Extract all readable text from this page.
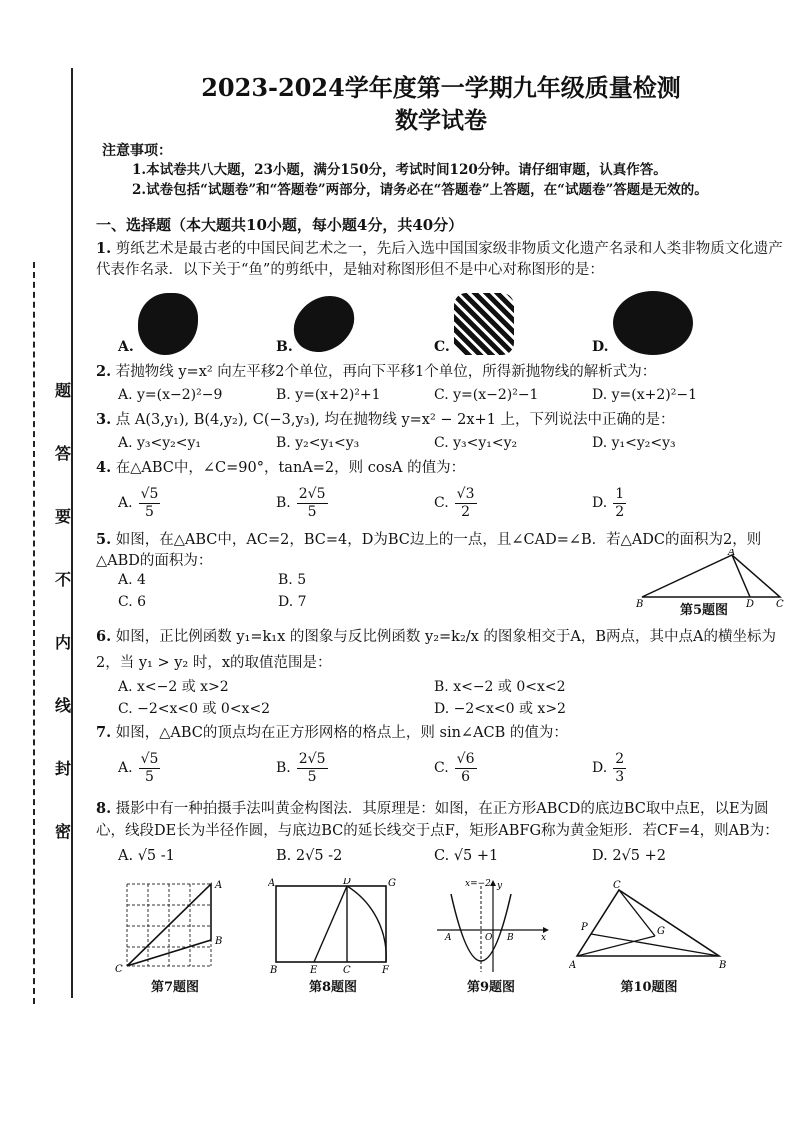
题
答
要
不
内
线
封
密
2023-2024学年度第一学期九年级质量检测
数学试卷
注意事项：
1.本试卷共八大题，23小题，满分150分，考试时间120分钟。请仔细审题，认真作答。
2.试卷包括“试题卷”和“答题卷”两部分，请务必在“答题卷”上答题，在“试题卷”答题是无效的。
一、选择题（本大题共10小题，每小题4分，共40分）
1. 剪纸艺术是最古老的中国民间艺术之一，先后入选中国国家级非物质文化遗产名录和人类非物质文化遗产代表作名录．以下关于“鱼”的剪纸中，是轴对称图形但不是中心对称图形的是：
A.	B.	C.	D.
2. 若抛物线 y=x² 向左平移2个单位，再向下平移1个单位，所得新抛物线的解析式为：
A. y=(x−2)²−9	B. y=(x+2)²+1	C. y=(x−2)²−1	D. y=(x+2)²−1
3. 点 A(3,y₁), B(4,y₂), C(−3,y₃), 均在抛物线 y=x² − 2x+1 上，下列说法中正确的是：
A. y₃<y₂<y₁	B. y₂<y₁<y₃	C. y₃<y₁<y₂	D. y₁<y₂<y₃
4. 在△ABC中，∠C=90°，tanA=2，则 cosA 的值为：
A. $\frac{√5}{5}$	B. $\frac{2√5}{5}$	C. $\frac{√3}{2}$	D. $\frac{1}{2}$
5. 如图，在△ABC中，AC=2，BC=4，D为BC边上的一点，且∠CAD=∠B．若△ADC的面积为2，则△ABD的面积为：
A. 4	B. 5
C. 6	D. 7
A
B	D C
第5题图
6. 如图，正比例函数 y₁=k₁x 的图象与反比例函数 y₂=k₂/x 的图象相交于A，B两点，其中点A的横坐标为2，当 y₁ > y₂ 时，x的取值范围是：
A. x<−2 或 x>2	B. x<−2 或 0<x<2
C. −2<x<0 或 0<x<2	D. −2<x<0 或 x>2
7. 如图，△ABC的顶点均在正方形网格的格点上，则 sin∠ACB 的值为：
A. $\frac{√5}{5}$	B. $\frac{2√5}{5}$	C. $\frac{√6}{6}$	D. $\frac{2}{3}$
8. 摄影中有一种拍摄手法叫黄金构图法．其原理是：如图，在正方形ABCD的底边BC取中点E，以E为圆心，线段DE长为半径作圆，与底边BC的延长线交于点F，矩形ABFG称为黄金矩形．若CF=4，则AB为：
A. √5 -1	B. 2√5 -2	C. √5 +1	D. 2√5 +2
A
B
C
第7题图
A	D	G
B	E	C	F
第8题图
x=−2 y
A	O B	x
第9题图
C
P	G
A	B
第10题图
